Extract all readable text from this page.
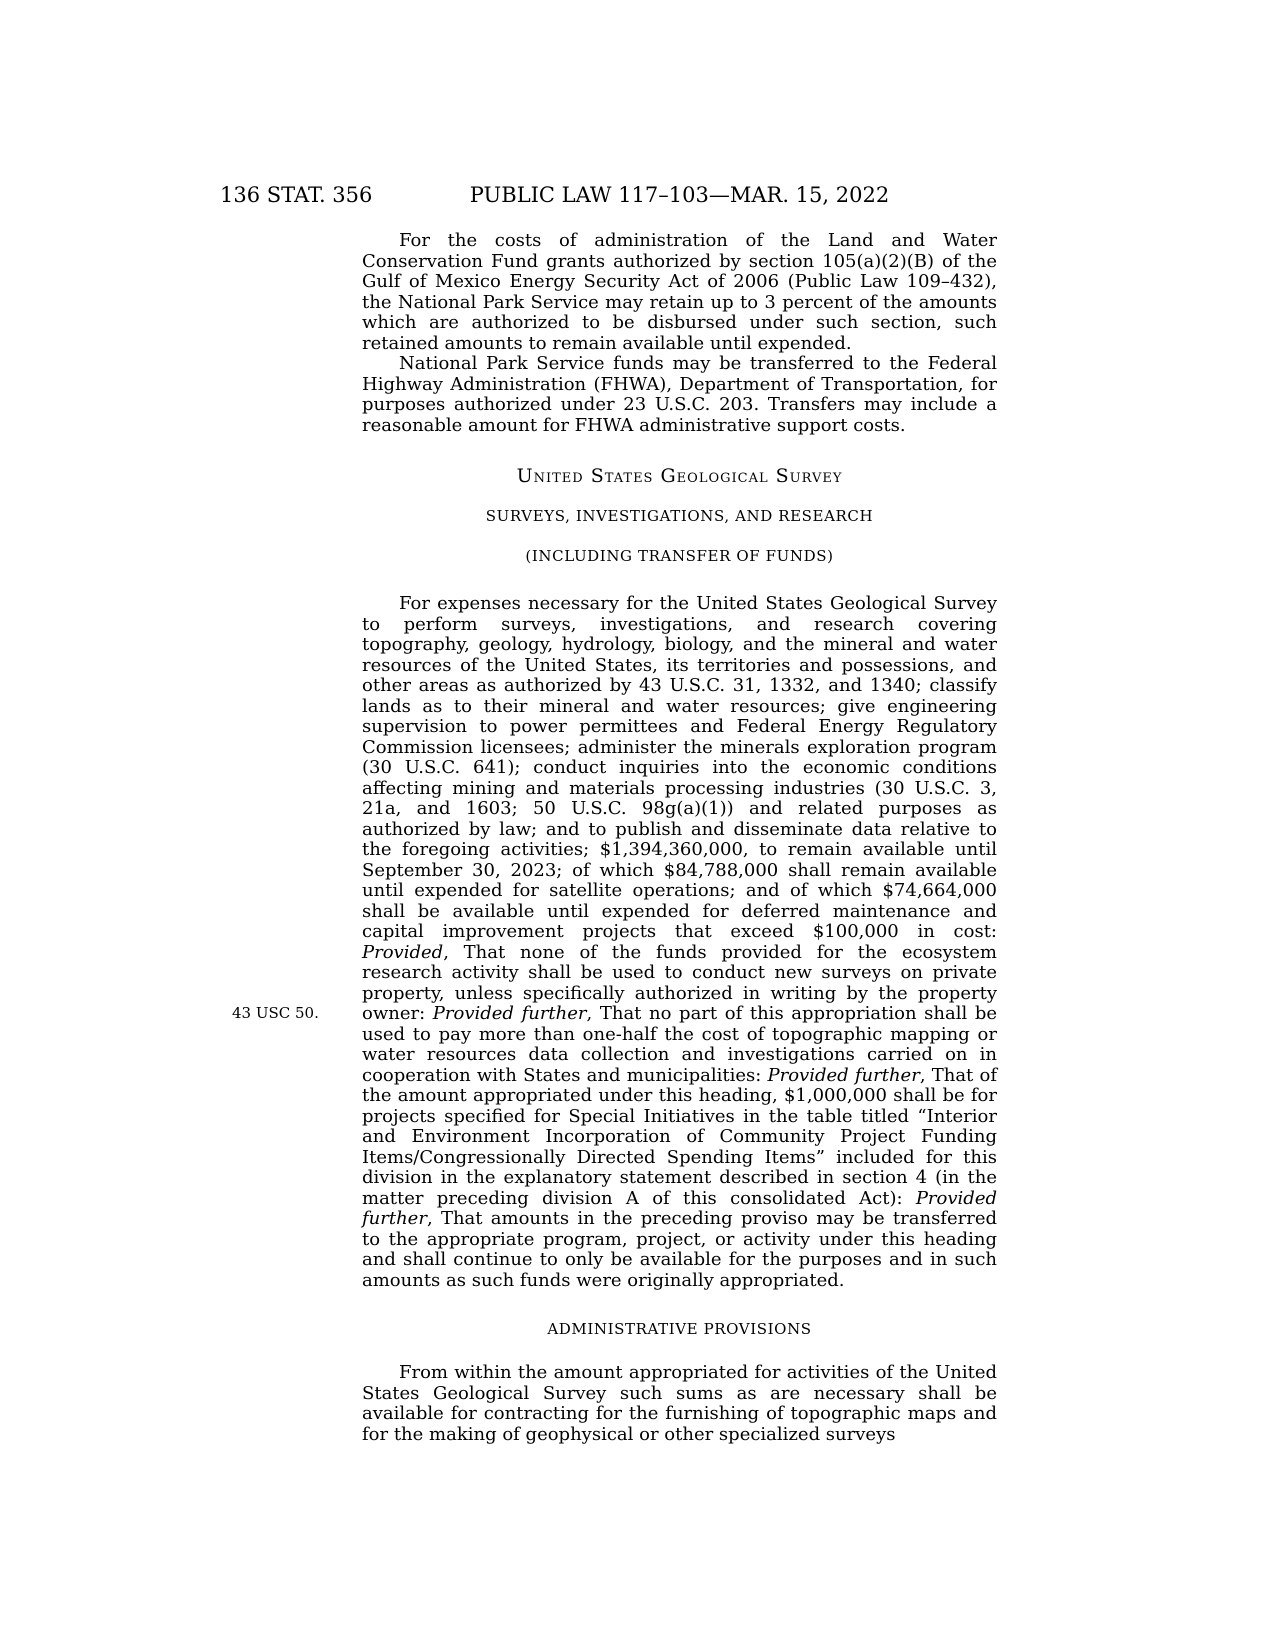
136 STAT. 356	PUBLIC LAW 117–103—MAR. 15, 2022
43 USC 50.

For the costs of administration of the Land and Water Conservation Fund grants authorized by section 105(a)(2)(B) of the Gulf of Mexico Energy Security Act of 2006 (Public Law 109–432), the National Park Service may retain up to 3 percent of the amounts which are authorized to be disbursed under such section, such retained amounts to remain available until expended.

National Park Service funds may be transferred to the Federal Highway Administration (FHWA), Department of Transportation, for purposes authorized under 23 U.S.C. 203. Transfers may include a reasonable amount for FHWA administrative support costs.

United States Geological Survey
SURVEYS, INVESTIGATIONS, AND RESEARCH
(INCLUDING TRANSFER OF FUNDS)

For expenses necessary for the United States Geological Survey to perform surveys, investigations, and research covering topography, geology, hydrology, biology, and the mineral and water resources of the United States, its territories and possessions, and other areas as authorized by 43 U.S.C. 31, 1332, and 1340; classify lands as to their mineral and water resources; give engineering supervision to power permittees and Federal Energy Regulatory Commission licensees; administer the minerals exploration program (30 U.S.C. 641); conduct inquiries into the economic conditions affecting mining and materials processing industries (30 U.S.C. 3, 21a, and 1603; 50 U.S.C. 98g(a)(1)) and related purposes as authorized by law; and to publish and disseminate data relative to the foregoing activities; $1,394,360,000, to remain available until September 30, 2023; of which $84,788,000 shall remain available until expended for satellite operations; and of which $74,664,000 shall be available until expended for deferred maintenance and capital improvement projects that exceed $100,000 in cost: Provided, That none of the funds provided for the ecosystem research activity shall be used to conduct new surveys on private property, unless specifically authorized in writing by the property owner: Provided further, That no part of this appropriation shall be used to pay more than one-half the cost of topographic mapping or water resources data collection and investigations carried on in cooperation with States and municipalities: Provided further, That of the amount appropriated under this heading, $1,000,000 shall be for projects specified for Special Initiatives in the table titled “Interior and Environment Incorporation of Community Project Funding Items/Congressionally Directed Spending Items” included for this division in the explanatory statement described in section 4 (in the matter preceding division A of this consolidated Act): Provided further, That amounts in the preceding proviso may be transferred to the appropriate program, project, or activity under this heading and shall continue to only be available for the purposes and in such amounts as such funds were originally appropriated.

ADMINISTRATIVE PROVISIONS

From within the amount appropriated for activities of the United States Geological Survey such sums as are necessary shall be available for contracting for the furnishing of topographic maps and for the making of geophysical or other specialized surveys
